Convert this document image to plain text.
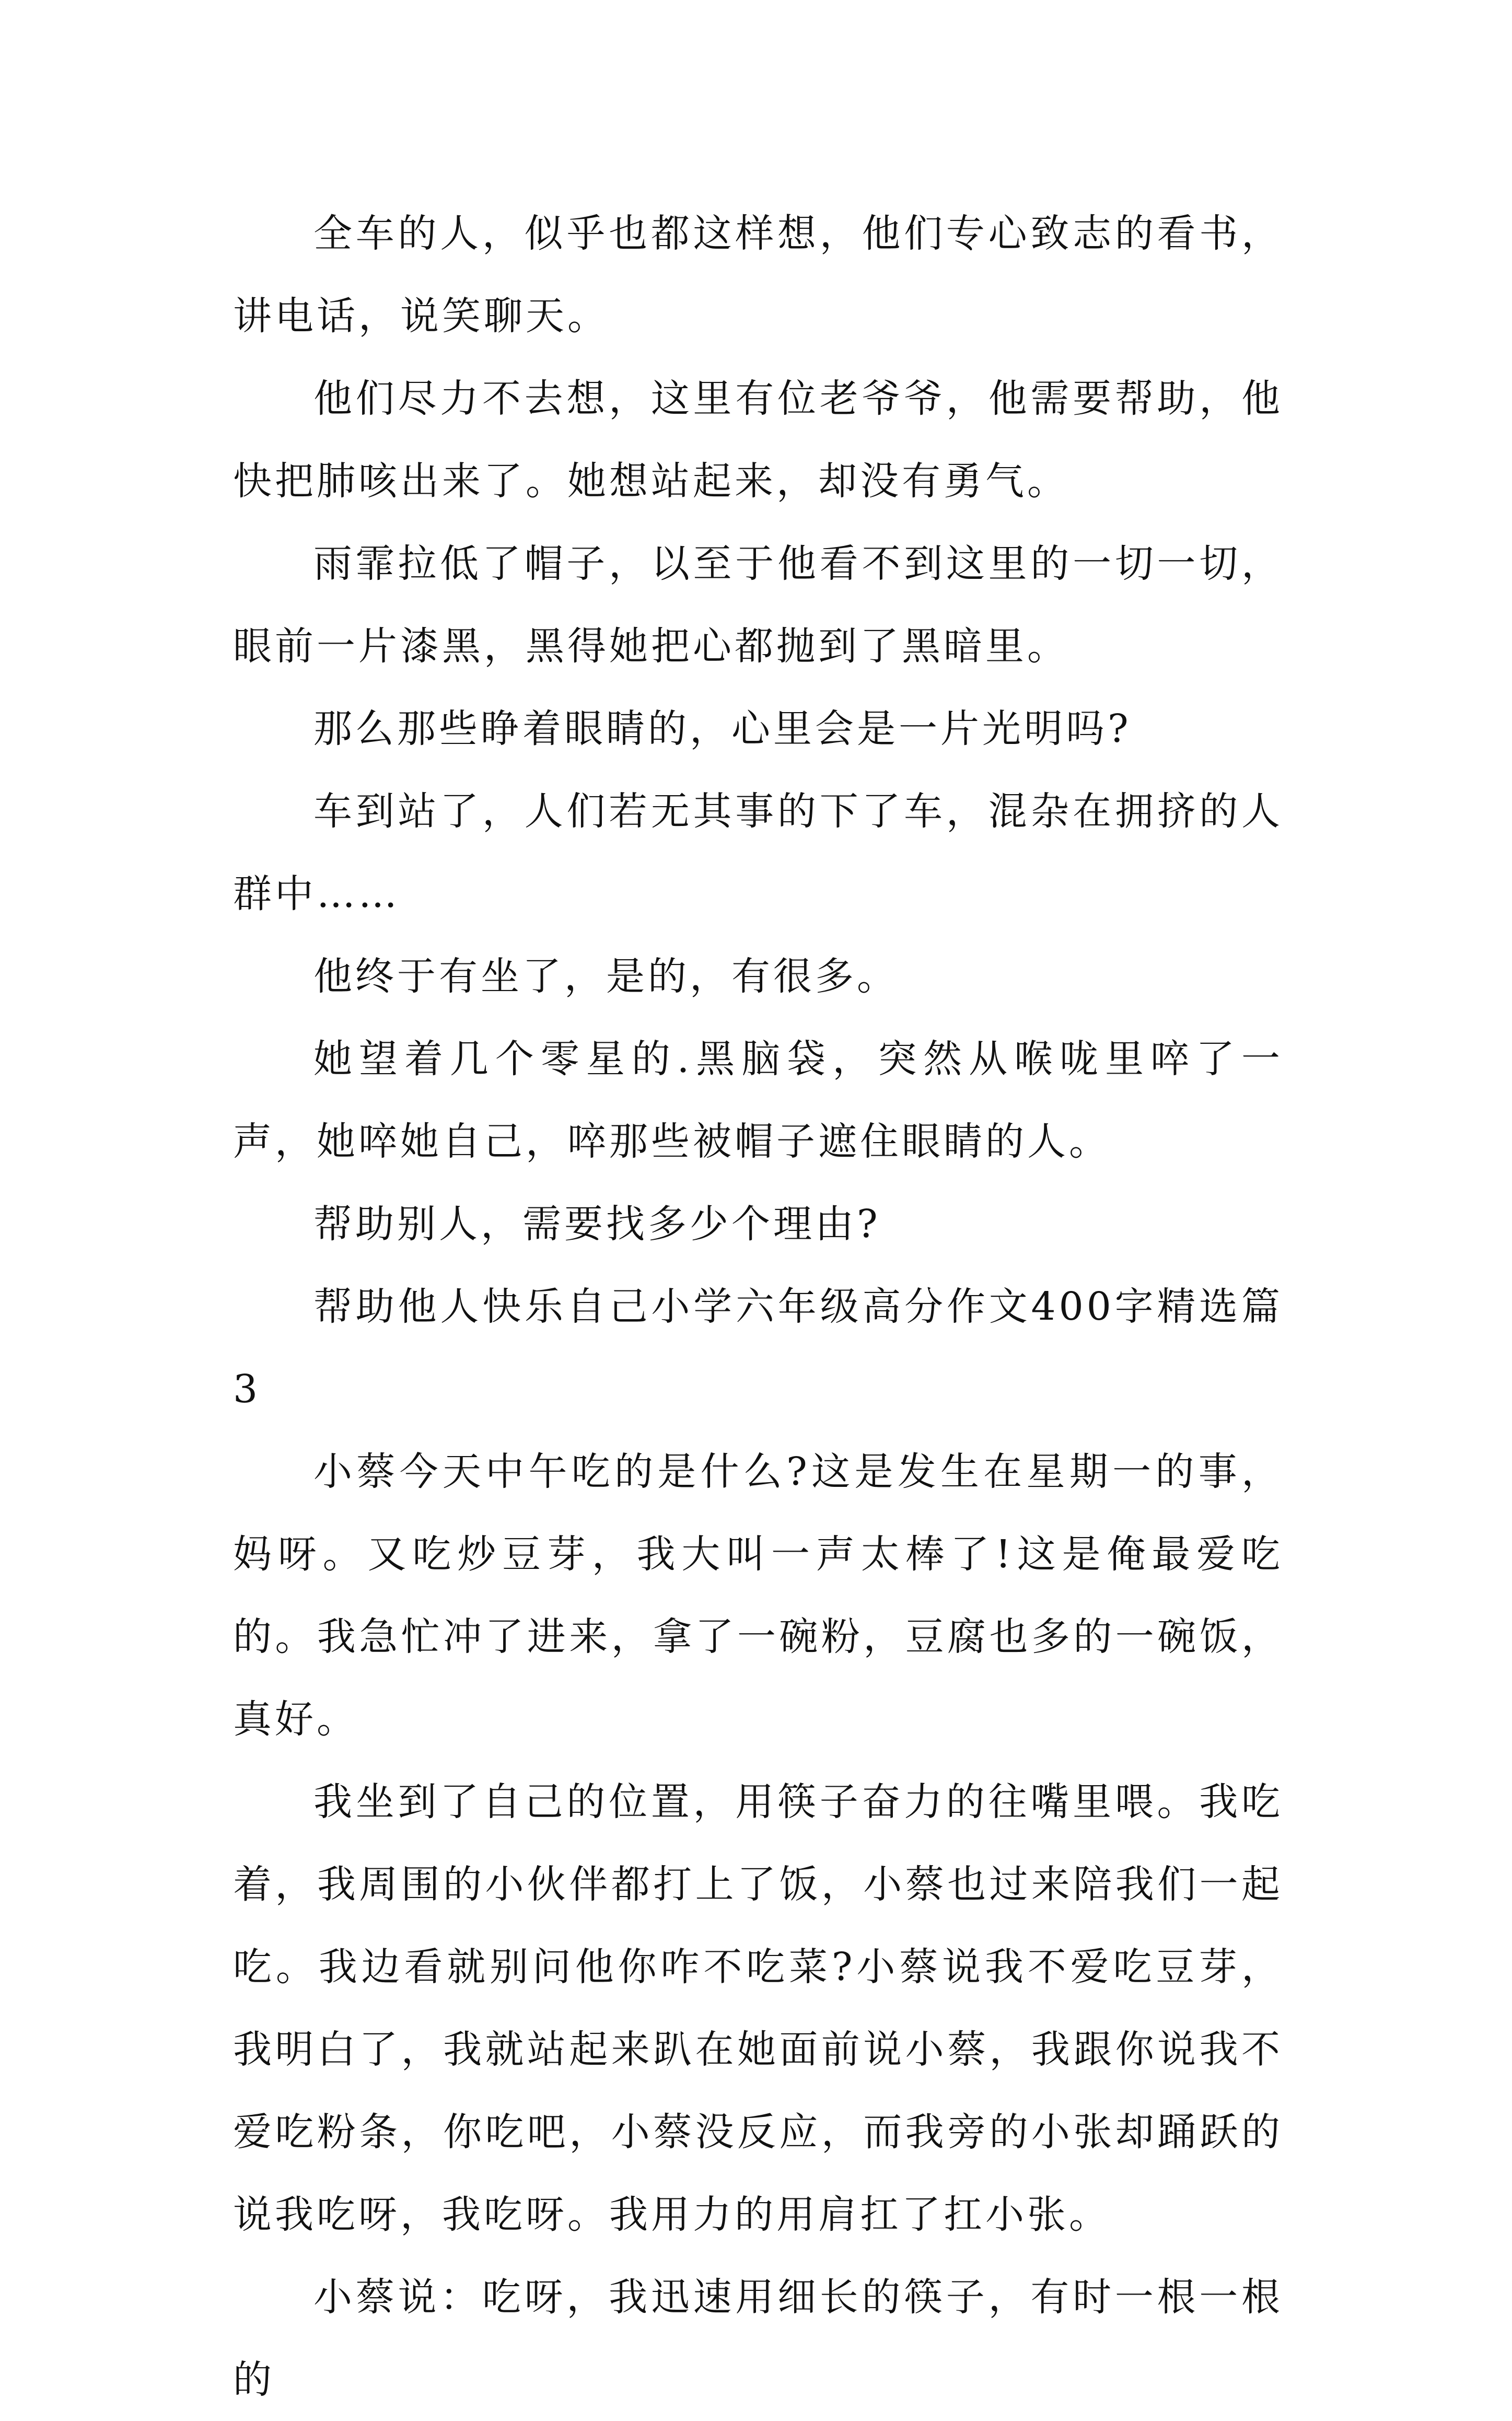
全车的人，似乎也都这样想，他们专心致志的看书，讲电话，说笑聊天。

他们尽力不去想，这里有位老爷爷，他需要帮助，他快把肺咳出来了。她想站起来，却没有勇气。

雨霏拉低了帽子，以至于他看不到这里的一切一切，眼前一片漆黑，黑得她把心都抛到了黑暗里。

那么那些睁着眼睛的，心里会是一片光明吗?

车到站了，人们若无其事的下了车，混杂在拥挤的人群中……

他终于有坐了，是的，有很多。

她望着几个零星的.黑脑袋，突然从喉咙里啐了一声，她啐她自己，啐那些被帽子遮住眼睛的人。

帮助别人，需要找多少个理由?

帮助他人快乐自己小学六年级高分作文400字精选篇3

小蔡今天中午吃的是什么?这是发生在星期一的事，妈呀。又吃炒豆芽，我大叫一声太棒了!这是俺最爱吃的。我急忙冲了进来，拿了一碗粉，豆腐也多的一碗饭，真好。

我坐到了自己的位置，用筷子奋力的往嘴里喂。我吃着，我周围的小伙伴都打上了饭，小蔡也过来陪我们一起吃。我边看就别问他你咋不吃菜?小蔡说我不爱吃豆芽，我明白了，我就站起来趴在她面前说小蔡，我跟你说我不爱吃粉条，你吃吧，小蔡没反应，而我旁的小张却踊跃的说我吃呀，我吃呀。我用力的用肩扛了扛小张。

小蔡说：吃呀，我迅速用细长的筷子，有时一根一根的
